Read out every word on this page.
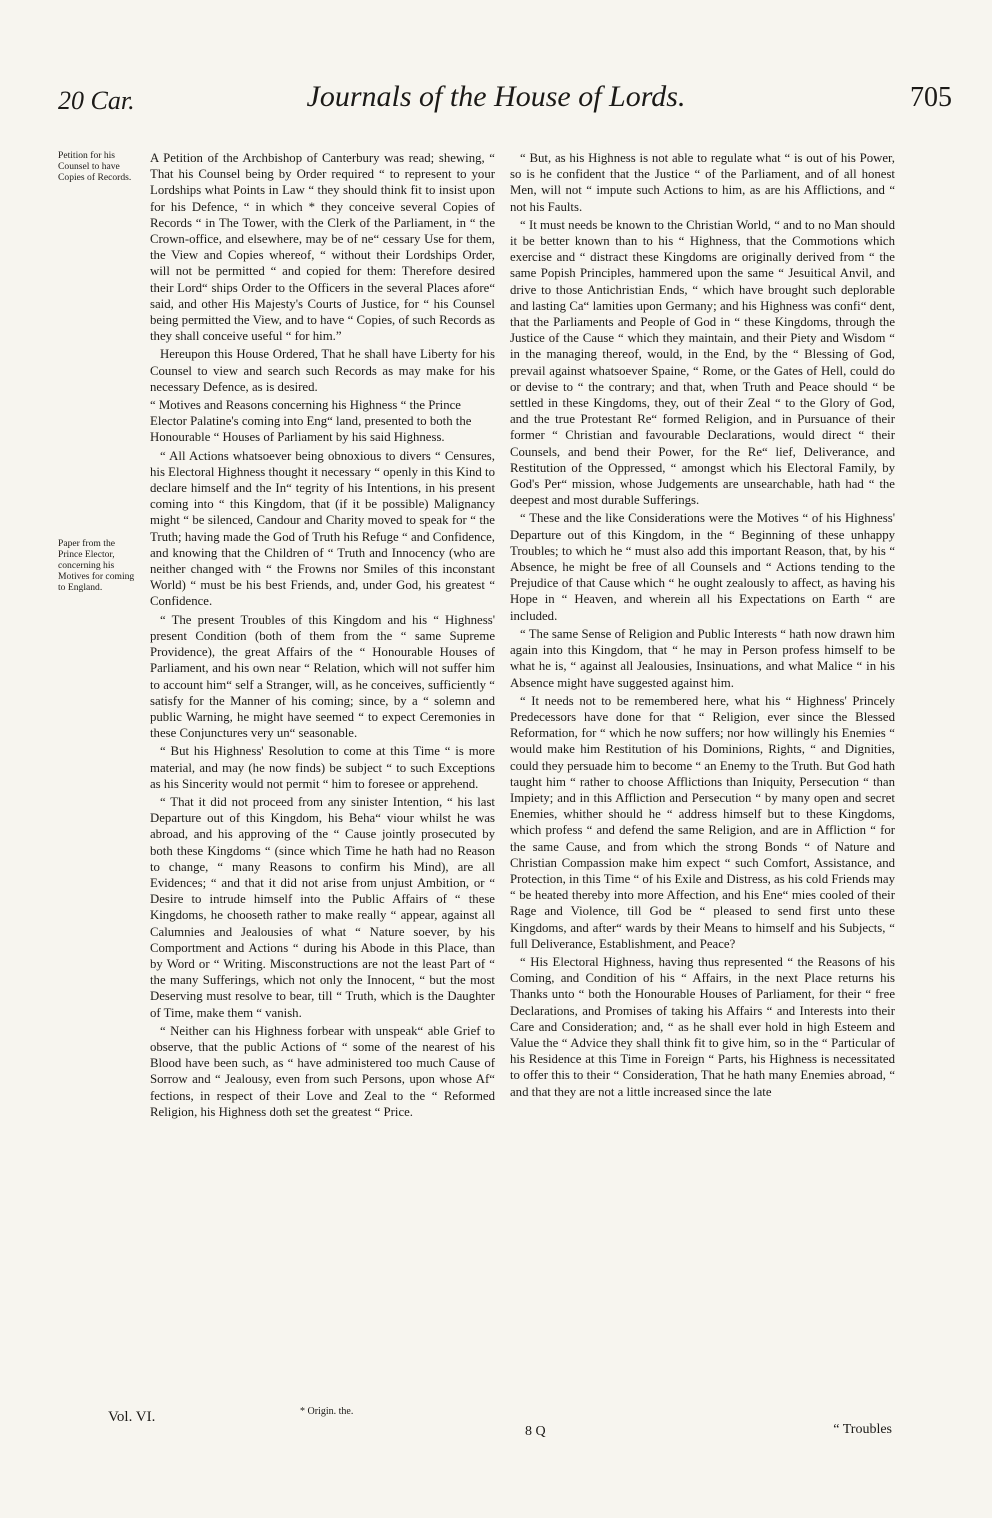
20 Car.	Journals of the House of Lords.	705
Petition for his Counsel to have Copies of Records.
Paper from the Prince Elector, concerning his Motives for coming to England.

A Petition of the Archbishop of Canterbury was read; shewing, “ That his Counsel being by Order required “ to represent to your Lordships what Points in Law “ they should think fit to insist upon for his Defence, “ in which * they conceive several Copies of Records “ in The Tower, with the Clerk of the Parliament, in “ the Crown-office, and elsewhere, may be of ne“ cessary Use for them, the View and Copies whereof, “ without their Lordships Order, will not be permitted “ and copied for them: Therefore desired their Lord“ ships Order to the Officers in the several Places afore“ said, and other His Majesty's Courts of Justice, for “ his Counsel being permitted the View, and to have “ Copies, of such Records as they shall conceive useful “ for him.”

Hereupon this House Ordered, That he shall have Liberty for his Counsel to view and search such Records as may make for his necessary Defence, as is desired.

“ Motives and Reasons concerning his Highness “ the Prince Elector Palatine's coming into Eng“ land, presented to both the Honourable “ Houses of Parliament by his said Highness.

“ All Actions whatsoever being obnoxious to divers “ Censures, his Electoral Highness thought it necessary “ openly in this Kind to declare himself and the In“ tegrity of his Intentions, in his present coming into “ this Kingdom, that (if it be possible) Malignancy might “ be silenced, Candour and Charity moved to speak for “ the Truth; having made the God of Truth his Refuge “ and Confidence, and knowing that the Children of “ Truth and Innocency (who are neither changed with “ the Frowns nor Smiles of this inconstant World) “ must be his best Friends, and, under God, his greatest “ Confidence.

“ The present Troubles of this Kingdom and his “ Highness' present Condition (both of them from the “ same Supreme Providence), the great Affairs of the “ Honourable Houses of Parliament, and his own near “ Relation, which will not suffer him to account him“ self a Stranger, will, as he conceives, sufficiently “ satisfy for the Manner of his coming; since, by a “ solemn and public Warning, he might have seemed “ to expect Ceremonies in these Conjunctures very un“ seasonable.

“ But his Highness' Resolution to come at this Time “ is more material, and may (he now finds) be subject “ to such Exceptions as his Sincerity would not permit “ him to foresee or apprehend.

“ That it did not proceed from any sinister Intention, “ his last Departure out of this Kingdom, his Beha“ viour whilst he was abroad, and his approving of the “ Cause jointly prosecuted by both these Kingdoms “ (since which Time he hath had no Reason to change, “ many Reasons to confirm his Mind), are all Evidences; “ and that it did not arise from unjust Ambition, or “ Desire to intrude himself into the Public Affairs of “ these Kingdoms, he chooseth rather to make really “ appear, against all Calumnies and Jealousies of what “ Nature soever, by his Comportment and Actions “ during his Abode in this Place, than by Word or “ Writing. Misconstructions are not the least Part of “ the many Sufferings, which not only the Innocent, “ but the most Deserving must resolve to bear, till “ Truth, which is the Daughter of Time, make them “ vanish.

“ Neither can his Highness forbear with unspeak“ able Grief to observe, that the public Actions of “ some of the nearest of his Blood have been such, as “ have administered too much Cause of Sorrow and “ Jealousy, even from such Persons, upon whose Af“ fections, in respect of their Love and Zeal to the “ Reformed Religion, his Highness doth set the greatest “ Price.

“ But, as his Highness is not able to regulate what “ is out of his Power, so is he confident that the Justice “ of the Parliament, and of all honest Men, will not “ impute such Actions to him, as are his Afflictions, and “ not his Faults.

“ It must needs be known to the Christian World, “ and to no Man should it be better known than to his “ Highness, that the Commotions which exercise and “ distract these Kingdoms are originally derived from “ the same Popish Principles, hammered upon the same “ Jesuitical Anvil, and drive to those Antichristian Ends, “ which have brought such deplorable and lasting Ca“ lamities upon Germany; and his Highness was confi“ dent, that the Parliaments and People of God in “ these Kingdoms, through the Justice of the Cause “ which they maintain, and their Piety and Wisdom “ in the managing thereof, would, in the End, by the “ Blessing of God, prevail against whatsoever Spaine, “ Rome, or the Gates of Hell, could do or devise to “ the contrary; and that, when Truth and Peace should “ be settled in these Kingdoms, they, out of their Zeal “ to the Glory of God, and the true Protestant Re“ formed Religion, and in Pursuance of their former “ Christian and favourable Declarations, would direct “ their Counsels, and bend their Power, for the Re“ lief, Deliverance, and Restitution of the Oppressed, “ amongst which his Electoral Family, by God's Per“ mission, whose Judgements are unsearchable, hath had “ the deepest and most durable Sufferings.

“ These and the like Considerations were the Motives “ of his Highness' Departure out of this Kingdom, in the “ Beginning of these unhappy Troubles; to which he “ must also add this important Reason, that, by his “ Absence, he might be free of all Counsels and “ Actions tending to the Prejudice of that Cause which “ he ought zealously to affect, as having his Hope in “ Heaven, and wherein all his Expectations on Earth “ are included.

“ The same Sense of Religion and Public Interests “ hath now drawn him again into this Kingdom, that “ he may in Person profess himself to be what he is, “ against all Jealousies, Insinuations, and what Malice “ in his Absence might have suggested against him.

“ It needs not to be remembered here, what his “ Highness' Princely Predecessors have done for that “ Religion, ever since the Blessed Reformation, for “ which he now suffers; nor how willingly his Enemies “ would make him Restitution of his Dominions, Rights, “ and Dignities, could they persuade him to become “ an Enemy to the Truth. But God hath taught him “ rather to choose Afflictions than Iniquity, Persecution “ than Impiety; and in this Affliction and Persecution “ by many open and secret Enemies, whither should he “ address himself but to these Kingdoms, which profess “ and defend the same Religion, and are in Affliction “ for the same Cause, and from which the strong Bonds “ of Nature and Christian Compassion make him expect “ such Comfort, Assistance, and Protection, in this Time “ of his Exile and Distress, as his cold Friends may “ be heated thereby into more Affection, and his Ene“ mies cooled of their Rage and Violence, till God be “ pleased to send first unto these Kingdoms, and after“ wards by their Means to himself and his Subjects, “ full Deliverance, Establishment, and Peace?

“ His Electoral Highness, having thus represented “ the Reasons of his Coming, and Condition of his “ Affairs, in the next Place returns his Thanks unto “ both the Honourable Houses of Parliament, for their “ free Declarations, and Promises of taking his Affairs “ and Interests into their Care and Consideration; and, “ as he shall ever hold in high Esteem and Value the “ Advice they shall think fit to give him, so in the “ Particular of his Residence at this Time in Foreign “ Parts, his Highness is necessitated to offer this to their “ Consideration, That he hath many Enemies abroad, “ and that they are not a little increased since the late

* Origin. the.
Vol. VI.
8 Q	“ Troubles
